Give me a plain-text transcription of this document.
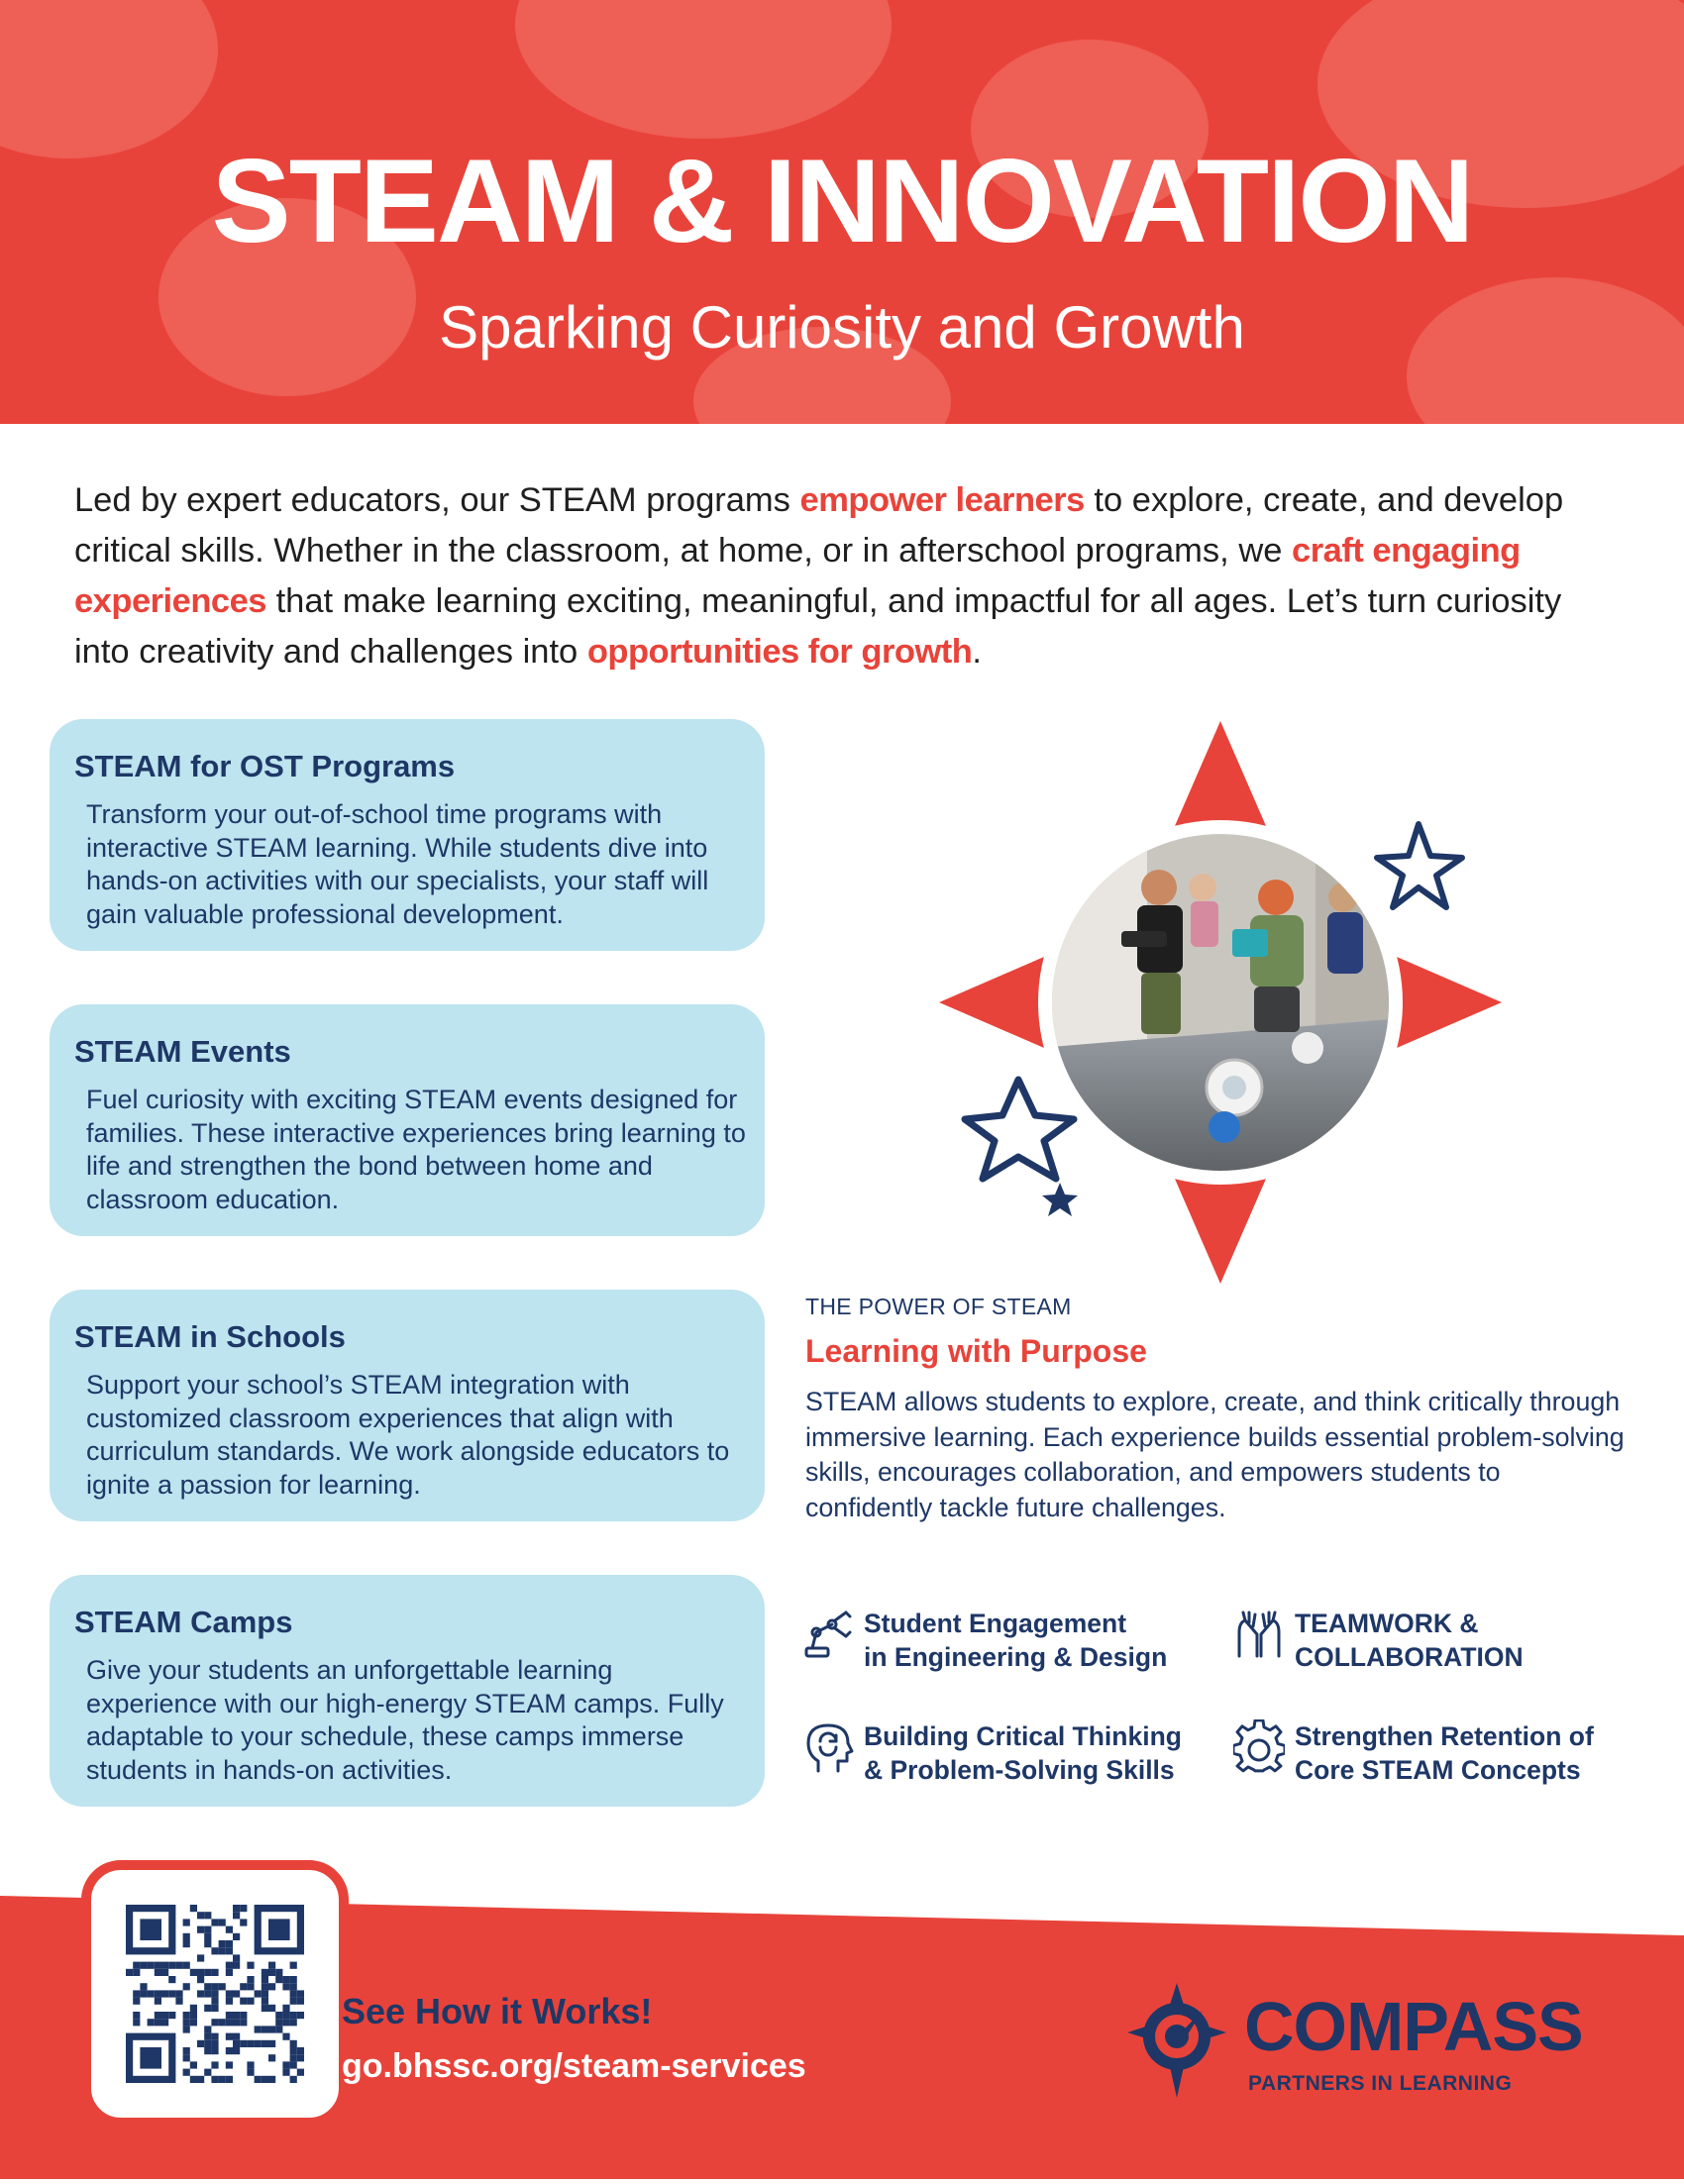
STEAM & INNOVATION
Sparking Curiosity and Growth
Led by expert educators, our STEAM programs empower learners to explore, create, and develop critical skills. Whether in the classroom, at home, or in afterschool programs, we craft engaging experiences that make learning exciting, meaningful, and impactful for all ages. Let’s turn curiosity into creativity and challenges into opportunities for growth.
STEAM for OST Programs

Transform your out-of-school time programs with interactive STEAM learning. While students dive into hands-on activities with our specialists, your staff will gain valuable professional development.

STEAM Events

Fuel curiosity with exciting STEAM events designed for families. These interactive experiences bring learning to life and strengthen the bond between home and classroom education.

STEAM in Schools

Support your school’s STEAM integration with customized classroom experiences that align with curriculum standards. We work alongside educators to ignite a passion for learning.

STEAM Camps

Give your students an unforgettable learning experience with our high-energy STEAM camps. Fully adaptable to your schedule, these camps immerse students in hands-on activities.

THE POWER OF STEAM
Learning with Purpose
STEAM allows students to explore, create, and think critically through immersive learning. Each experience builds essential problem-solving skills, encourages collaboration, and empowers students to confidently tackle future challenges.
Student Engagement
in Engineering & Design
TEAMWORK &
COLLABORATION
Building Critical Thinking
& Problem-Solving Skills
Strengthen Retention of
Core STEAM Concepts
See How it Works!
go.bhssc.org/steam-services
COMPASS
PARTNERS IN LEARNING
